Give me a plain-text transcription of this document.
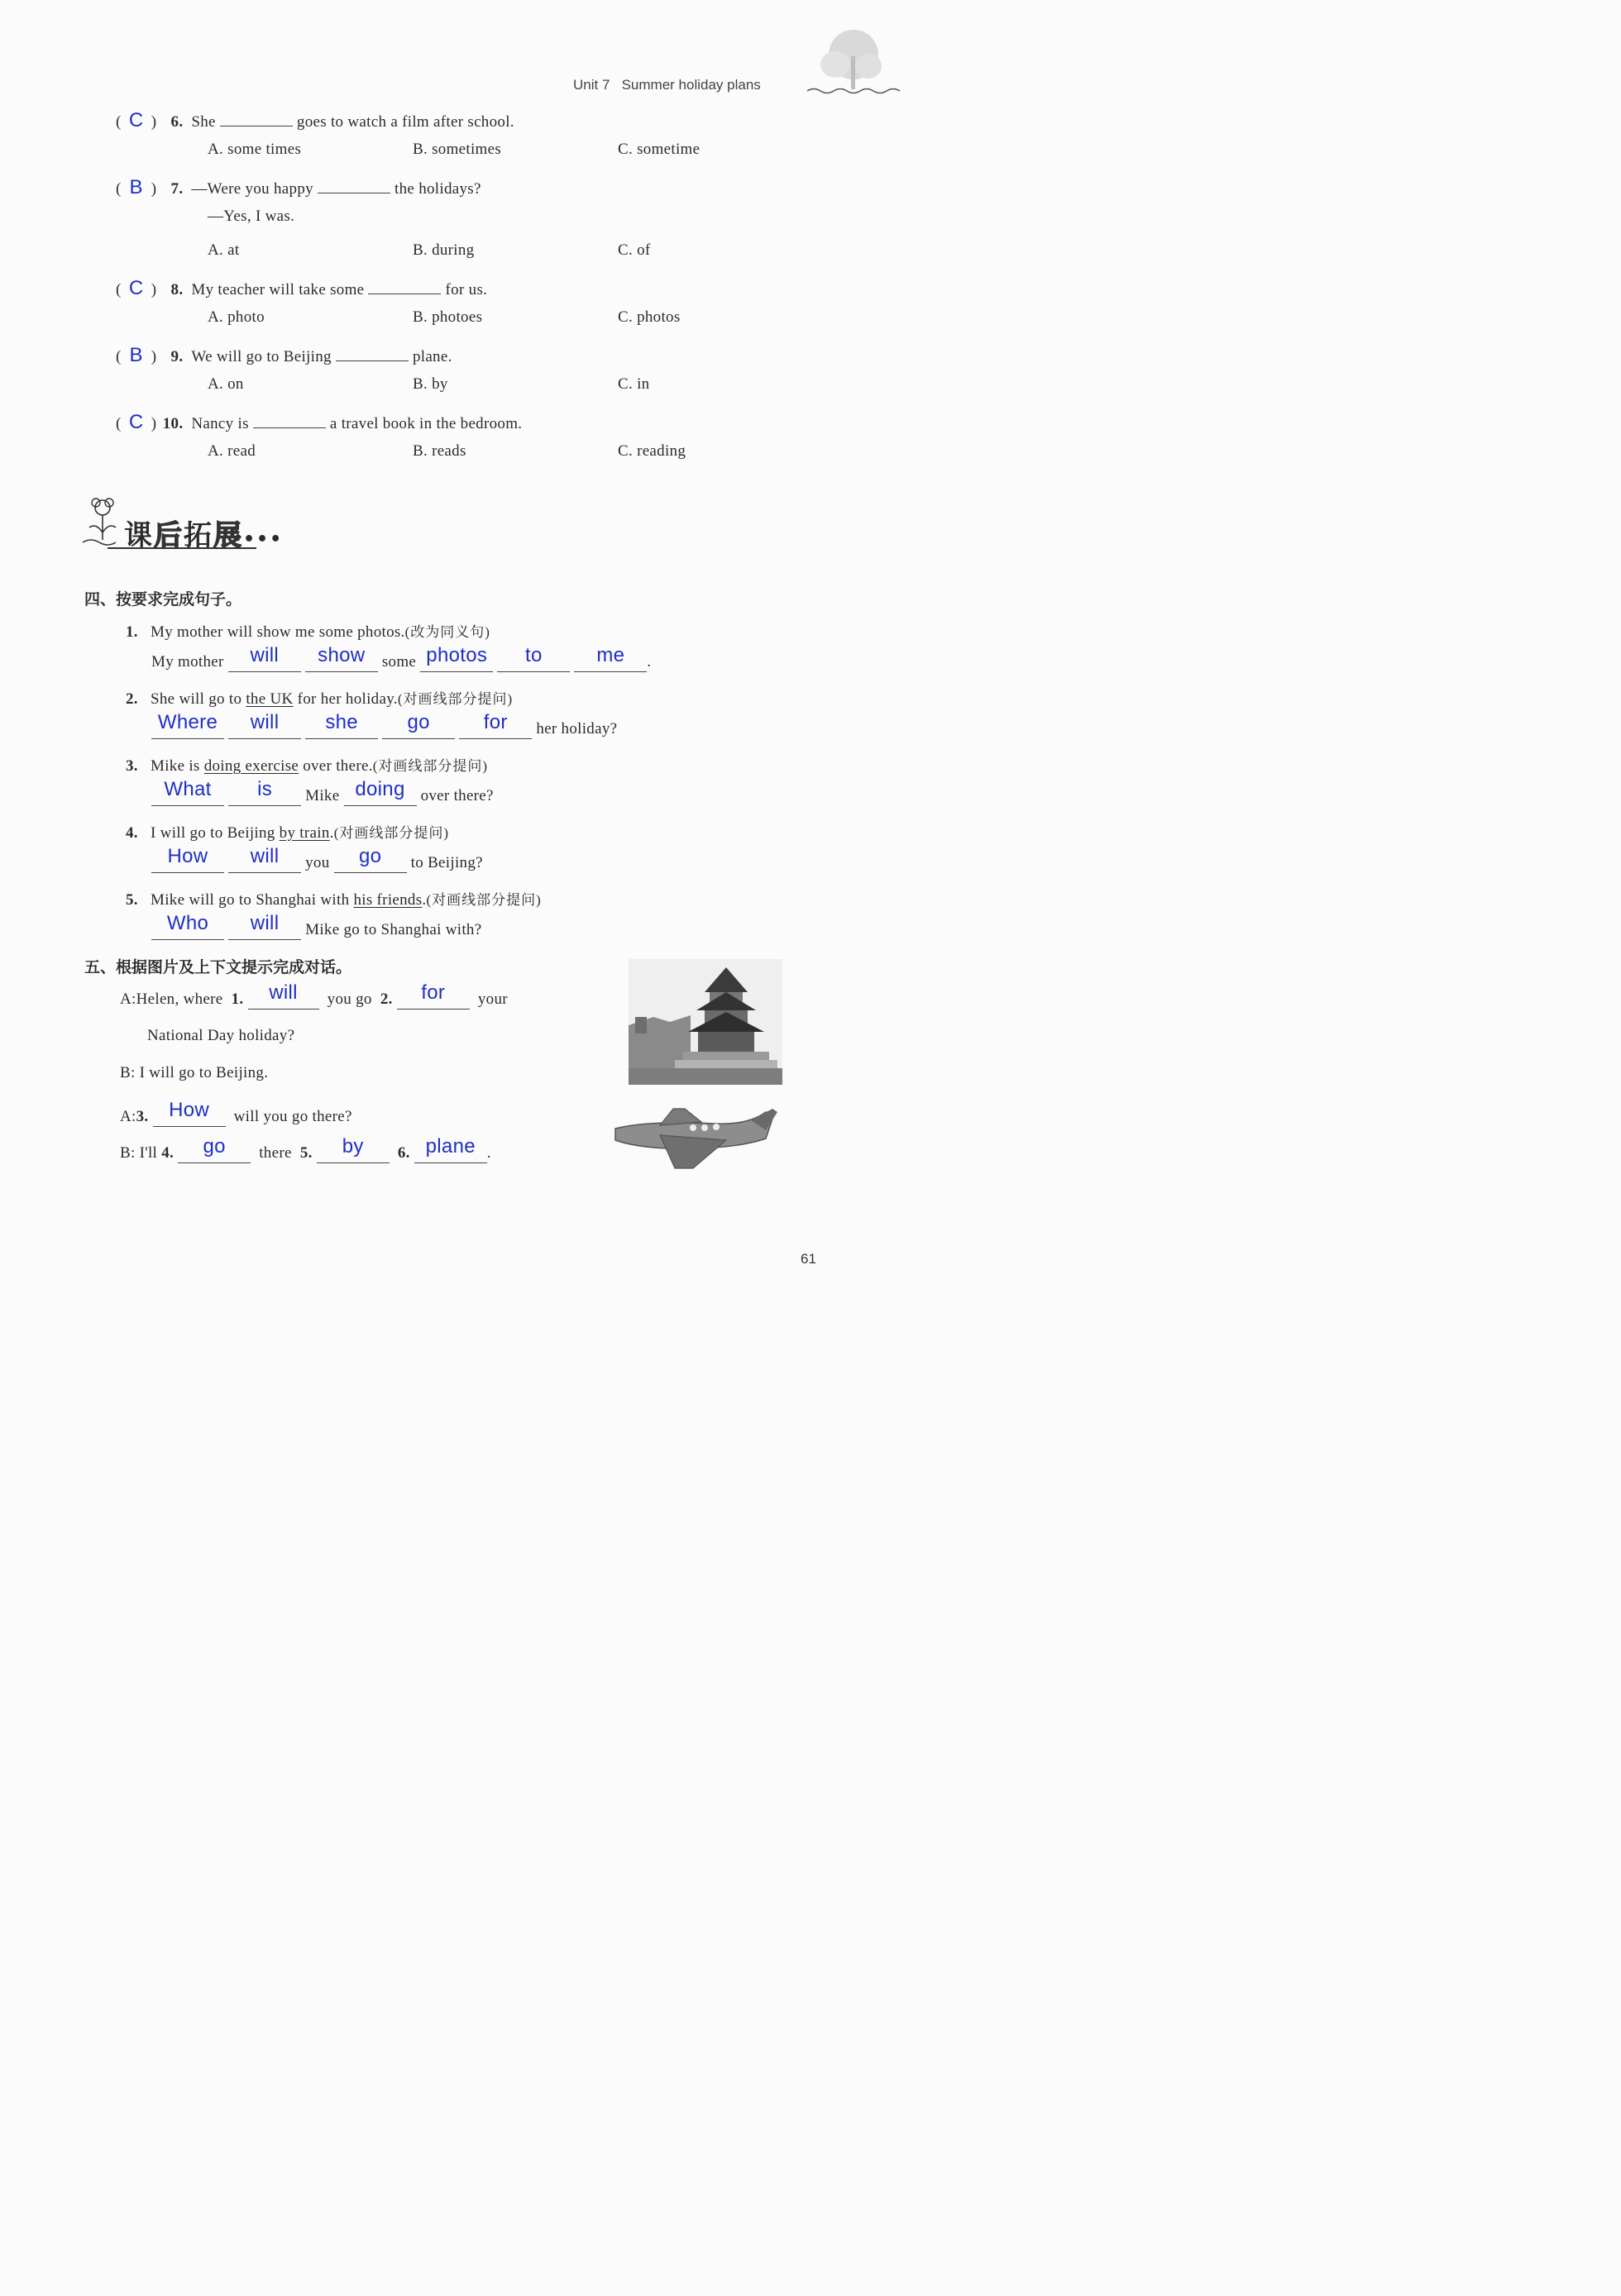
Unit 7 Summer holiday plans
( C ) 6. She	goes to watch a film after school.
A. some times	B. sometimes	C. sometime
( B ) 7. —Were you happy	the holidays?
—Yes, I was.
A. at	B. during	C. of
( C ) 8. My teacher will take some	for us.
A. photo	B. photoes	C. photos
( B ) 9. We will go to Beijing	plane.
A. on	B. by	C. in
( C ) 10. Nancy is	a travel book in the bedroom.
A. read	B. reads	C. reading
课后拓展•••
四、按要求完成句子。
1. My mother will show me some photos.(改为同义句)
My mother will show some photos to	me .
2. She will go to the UK for her holiday.(对画线部分提问)
Where will she go	for her holiday?
3. Mike is doing exercise over there.(对画线部分提问)
What is Mike doing over there?
4. I will go to Beijing by train.(对画线部分提问)
How will you go to Beijing?
5. Mike will go to Shanghai with his friends.(对画线部分提问)
Who will Mike go to Shanghai with?
五、根据图片及上下文提示完成对话。
A:Helen, where 1. will you go 2. for your
National Day holiday?
B: I will go to Beijing.
A:3. How will you go there?
B: I'll 4. go there 5. by 6. plane .
61
